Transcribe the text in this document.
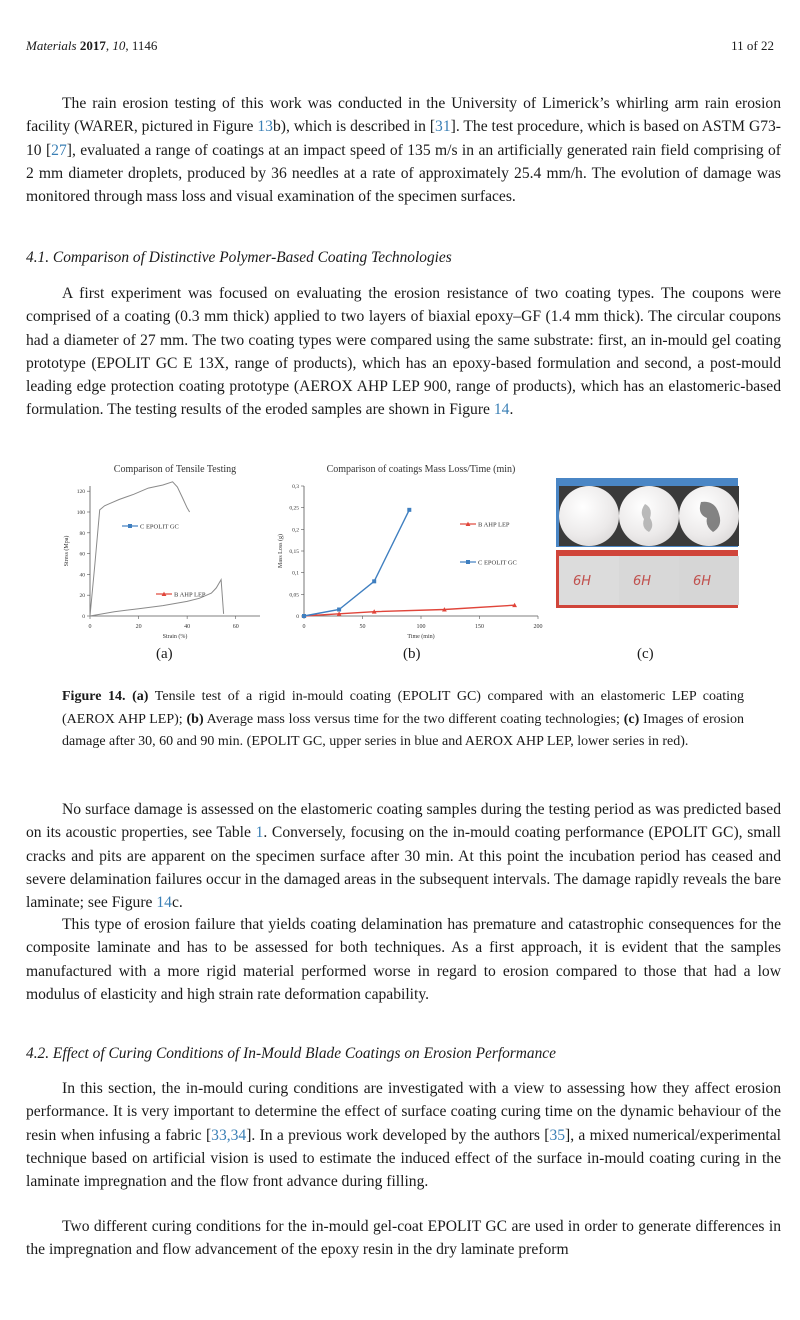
Materials 2017, 10, 1146	11 of 22

The rain erosion testing of this work was conducted in the University of Limerick’s whirling arm rain erosion facility (WARER, pictured in Figure 13b), which is described in [31]. The test procedure, which is based on ASTM G73-10 [27], evaluated a range of coatings at an impact speed of 135 m/s in an artificially generated rain field comprising of 2 mm diameter droplets, produced by 36 needles at a rate of approximately 25.4 mm/h. The evolution of damage was monitored through mass loss and visual examination of the specimen surfaces.

4.1. Comparison of Distinctive Polymer-Based Coating Technologies

A first experiment was focused on evaluating the erosion resistance of two coating types. The coupons were comprised of a coating (0.3 mm thick) applied to two layers of biaxial epoxy–GF (1.4 mm thick). The circular coupons had a diameter of 27 mm. The two coating types were compared using the same substrate: first, an in-mould gel coating prototype (EPOLIT GC E 13X, range of products), which has an epoxy-based formulation and second, a post-mould leading edge protection coating prototype (AEROX AHP LEP 900, range of products), which has an elastomeric-based formulation. The testing results of the eroded samples are shown in Figure 14.

Comparison of Tensile Testing
0	20	40	60
0
20
40
60
80
100
120
Strain (%)
Stress (Mpa)
C EPOLIT GC
B AHP LEP
Comparison of coatings Mass Loss/Time (min)
0	50	100	150	200
0
0,05
0,1
0,15
0,2
0,25
0,3
Time (min)
Mass Loss (g)
B AHP LEP
C EPOLIT GC
(a)	(b)	(c)
6H	6H	6H

Figure 14. (a) Tensile test of a rigid in-mould coating (EPOLIT GC) compared with an elastomeric LEP coating (AEROX AHP LEP); (b) Average mass loss versus time for the two different coating technologies; (c) Images of erosion damage after 30, 60 and 90 min. (EPOLIT GC, upper series in blue and AEROX AHP LEP, lower series in red).

No surface damage is assessed on the elastomeric coating samples during the testing period as was predicted based on its acoustic properties, see Table 1. Conversely, focusing on the in-mould coating performance (EPOLIT GC), small cracks and pits are apparent on the specimen surface after 30 min. At this point the incubation period has ceased and severe delamination failures occur in the damaged areas in the subsequent intervals. The damage rapidly reveals the bare laminate; see Figure 14c.

This type of erosion failure that yields coating delamination has premature and catastrophic consequences for the composite laminate and has to be assessed for both techniques. As a first approach, it is evident that the samples manufactured with a more rigid material performed worse in regard to erosion compared to those that had a low modulus of elasticity and high strain rate deformation capability.

4.2. Effect of Curing Conditions of In-Mould Blade Coatings on Erosion Performance

In this section, the in-mould curing conditions are investigated with a view to assessing how they affect erosion performance. It is very important to determine the effect of surface coating curing time on the dynamic behaviour of the resin when infusing a fabric [33,34]. In a previous work developed by the authors [35], a mixed numerical/experimental technique based on artificial vision is used to estimate the induced effect of the surface in-mould coating curing in the laminate impregnation and the flow front advance during filling.

Two different curing conditions for the in-mould gel-coat EPOLIT GC are used in order to generate differences in the impregnation and flow advancement of the epoxy resin in the dry laminate preform
